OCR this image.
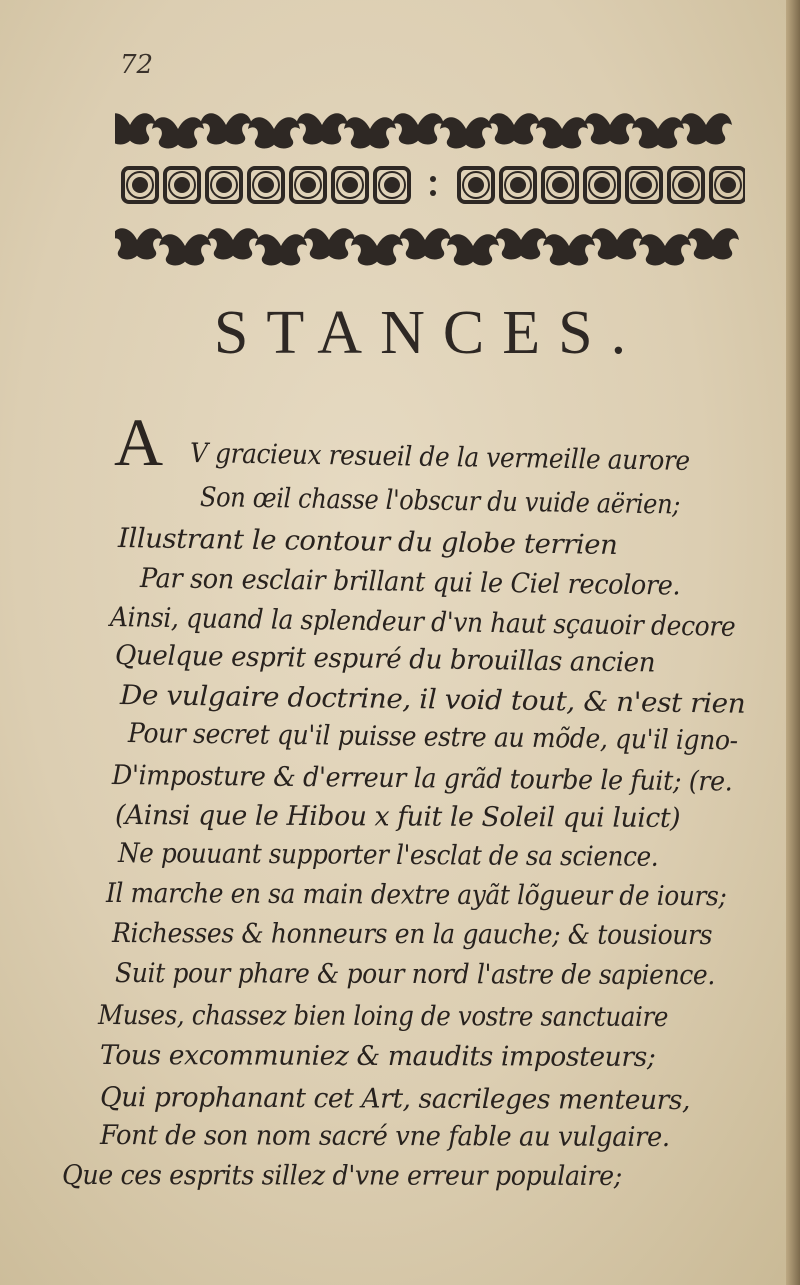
72
STANCES.
A V gracieux resueil de la vermeille aurore
Son œil chasse l'obscur du vuide aërien;
Illustrant le contour du globe terrien
Par son esclair brillant qui le Ciel recolore.
Ainsi, quand la splendeur d'vn haut sçauoir decore
Quelque esprit espuré du brouillas ancien
De vulgaire doctrine, il void tout, & n'est rien
Pour secret qu'il puisse estre au mõde, qu'il igno-
D'imposture & d'erreur la grãd tourbe le fuit; (re.
(Ainsi que le Hibou x fuit le Soleil qui luict)
Ne pouuant supporter l'esclat de sa science.
Il marche en sa main dextre ayãt lõgueur de iours;
Richesses & honneurs en la gauche; & tousiours
Suit pour phare & pour nord l'astre de sapience.
Muses, chassez bien loing de vostre sanctuaire
Tous excommuniez & maudits imposteurs;
Qui prophanant cet Art, sacrileges menteurs,
Font de son nom sacré vne fable au vulgaire.
Que ces esprits sillez d'vne erreur populaire;
